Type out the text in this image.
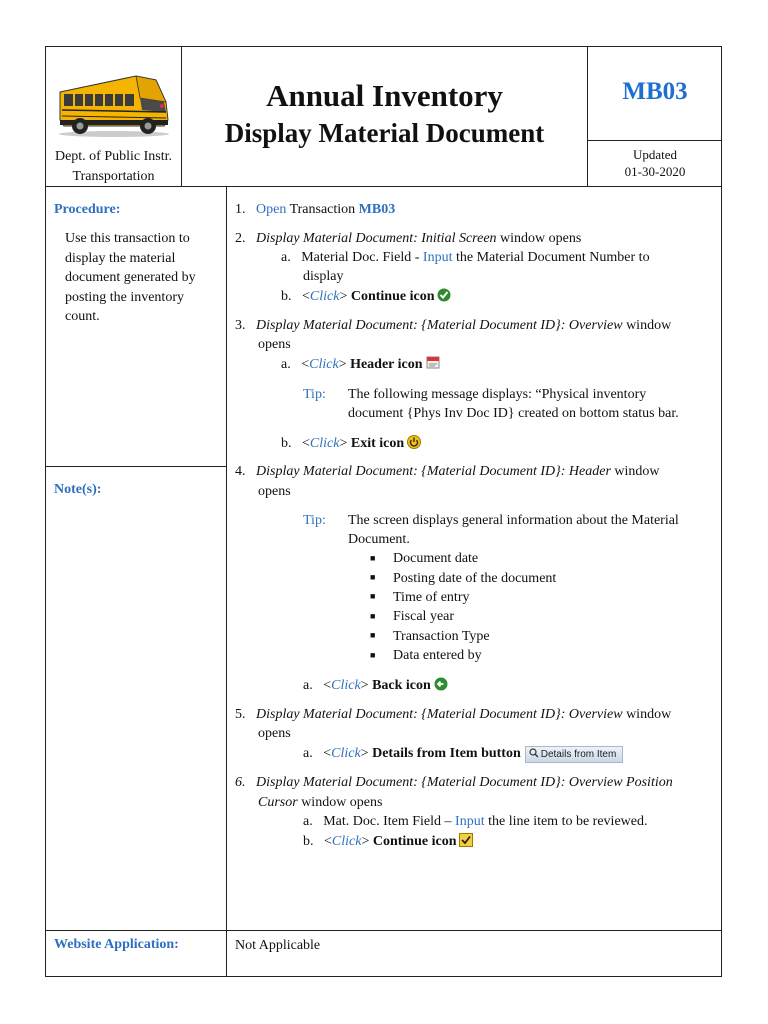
Dept. of Public Instr.
Transportation
Annual Inventory
Display Material Document
MB03
Updated
01-30-2020
Procedure:
Use this transaction to
display the material
document generated by
posting the inventory
count.
Note(s):
Website Application:	Not Applicable
1. Open Transaction MB03
2. Display Material Document: Initial Screen window opens
a. Material Doc. Field - Input the Material Document Number to
display
b. <Click> Continue icon
3. Display Material Document: {Material Document ID}: Overview window
opens
a. <Click> Header icon
Tip: The following message displays: “Physical inventory
document {Phys Inv Doc ID} created on bottom status bar.
b. <Click> Exit icon
4. Display Material Document: {Material Document ID}: Header window
opens
Tip: The screen displays general information about the Material
Document.
■ Document date
■ Posting date of the document
■ Time of entry
■ Fiscal year
■ Transaction Type
■ Data entered by
a. <Click> Back icon
5. Display Material Document: {Material Document ID}: Overview window
opens
a. <Click> Details from Item button Details from Item
6. Display Material Document: {Material Document ID}: Overview Position
Cursor window opens
a. Mat. Doc. Item Field – Input the line item to be reviewed.
b. <Click> Continue icon
